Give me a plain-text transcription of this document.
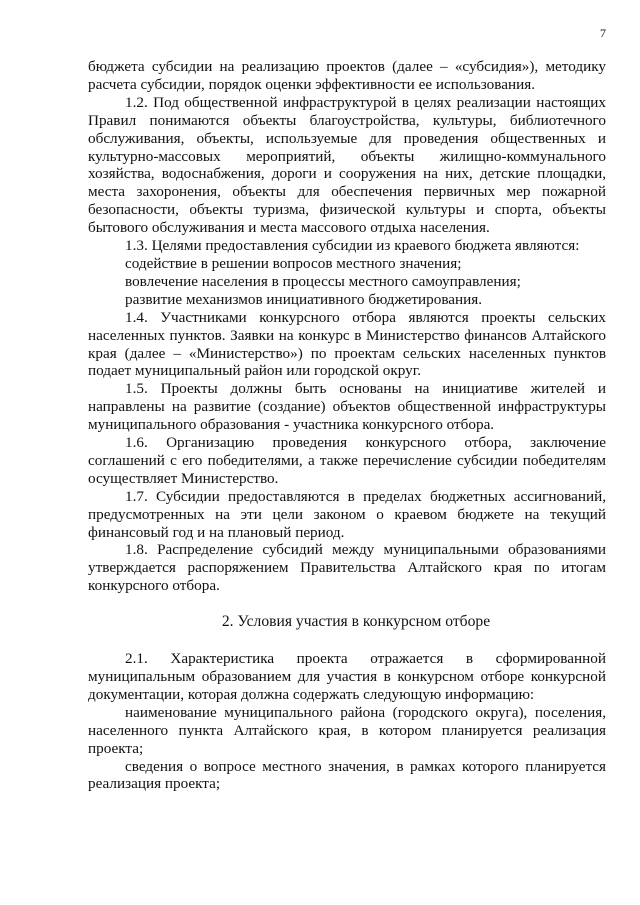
7

бюджета субсидии на реализацию проектов (далее – «субсидия»), методику расчета субсидии, порядок оценки эффективности ее использования.

1.2. Под общественной инфраструктурой в целях реализации настоящих Правил понимаются объекты благоустройства, культуры, библиотечного обслуживания, объекты, используемые для проведения общественных и культурно-массовых мероприятий, объекты жилищно-коммунального хозяйства, водоснабжения, дороги и сооружения на них, детские площадки, места захоронения, объекты для обеспечения первичных мер пожарной безопасности, объекты туризма, физической культуры и спорта, объекты бытового обслуживания и места массового отдыха населения.

1.3. Целями предоставления субсидии из краевого бюджета являются:

содействие в решении вопросов местного значения;

вовлечение населения в процессы местного самоуправления;

развитие механизмов инициативного бюджетирования.

1.4. Участниками конкурсного отбора являются проекты сельских населенных пунктов. Заявки на конкурс в Министерство финансов Алтайского края (далее – «Министерство») по проектам сельских населенных пунктов подает муниципальный район или городской округ.

1.5. Проекты должны быть основаны на инициативе жителей и направлены на развитие (создание) объектов общественной инфраструктуры муниципального образования - участника конкурсного отбора.

1.6. Организацию проведения конкурсного отбора, заключение соглашений с его победителями, а также перечисление субсидии победителям осуществляет Министерство.

1.7. Субсидии предоставляются в пределах бюджетных ассигнований, предусмотренных на эти цели законом о краевом бюджете на текущий финансовый год и на плановый период.

1.8. Распределение субсидий между муниципальными образованиями утверждается распоряжением Правительства Алтайского края по итогам конкурсного отбора.

2. Условия участия в конкурсном отборе

2.1. Характеристика проекта отражается в сформированной муниципальным образованием для участия в конкурсном отборе конкурсной документации, которая должна содержать следующую информацию:

наименование муниципального района (городского округа), поселения, населенного пункта Алтайского края, в котором планируется реализация проекта;

сведения о вопросе местного значения, в рамках которого планируется реализация проекта;
